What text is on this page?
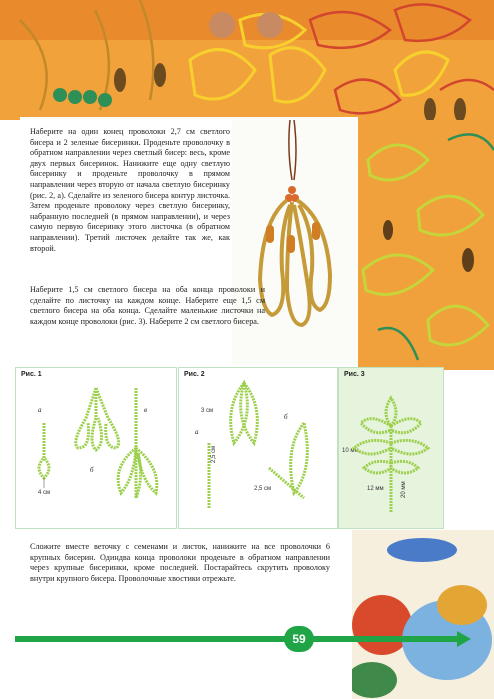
Наберите на один конец проволоки 2,7 см светлого бисера и 2 зеленые бисеринки. Проденьте проволочку в обратном направлении через светлый бисер: весь, кроме двух первых бисеринок. Нанижите еще одну светлую бисеринку и проденьте проволочку в прямом направлении через вторую от начала светлую бисеринку (рис. 2, а). Сделайте из зеленого бисера контур листочка. Затем проденьте проволоку через светлую бисеринку, набранную последней (в прямом направлении), и через самую первую бисеринку этого листочка (в обратном направлении). Третий листочек делайте так же, как второй.

Наберите 1,5 см светлого бисера на оба конца проволоки и сделайте по листочку на каждом конце. Наберите еще 1,5 см светлого бисера на оба конца. Сделайте маленькие листочки на каждом конце проволоки (рис. 3). Наберите 2 см светлого бисера.

Рис. 1
а
б
в
4 см
Рис. 2
а
б
3 см
2,5 см
2,5 см
Рис. 3
10 мм
12 мм	20 мм

Сложите вместе веточку с семенами и листок, нанижите на все проволочки 6 крупных бисерин. Одиндва конца проволоки проденьте в обратном направлении через крупные бисеринки, кроме последней. Постарайтесь скрутить проволоку внутри крупного бисера. Проволочные хвостики отрежьте.

59
